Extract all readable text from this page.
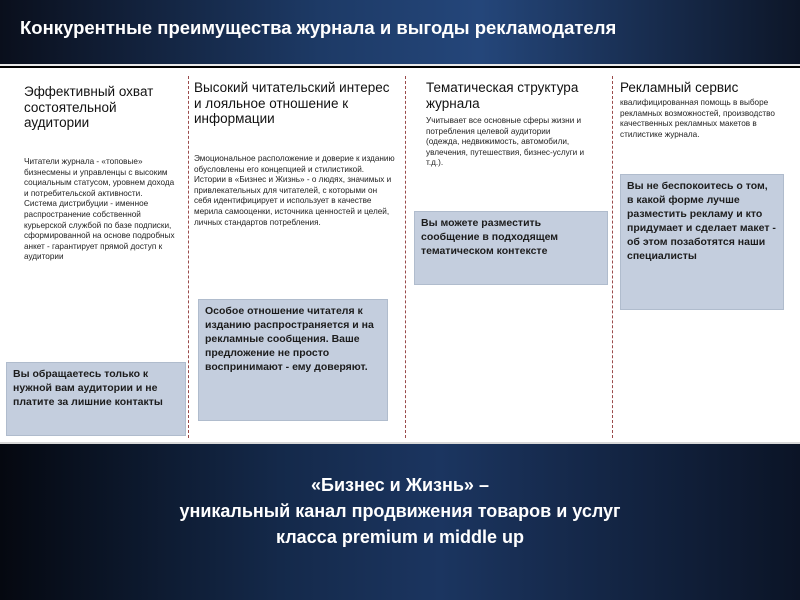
Конкурентные преимущества журнала и выгоды рекламодателя
Эффективный охват состоятельной аудитории

Читатели журнала - «топовые» бизнесмены и управленцы с высоким социальным статусом, уровнем дохода и потребительской активности.

Система дистрибуции - именное распространение собственной курьерской службой по базе подписки, сформированной на основе подробных анкет - гарантирует прямой доступ к аудитории

Вы обращаетесь только к нужной вам аудитории и не платите за лишние контакты
Высокий читательский интерес и лояльное отношение к информации

Эмоциональное расположение и доверие к изданию обусловлены его концепцией и стилистикой.

Истории в «Бизнес и Жизнь» - о людях, значимых и привлекательных для читателей, с которыми он себя идентифицирует и использует в качестве мерила самооценки, источника ценностей и целей, личных стандартов потребления.

Особое отношение читателя к изданию распространяется и на рекламные сообщения. Ваше предложение не просто воспринимают - ему доверяют.
Тематическая структура журнала

Учитывает все основные сферы жизни и потребления целевой аудитории (одежда, недвижимость, автомобили, увлечения, путешествия, бизнес-услуги и т.д.).

Вы можете разместить сообщение в подходящем тематическом контексте
Рекламный сервис

квалифицированная помощь в выборе рекламных возможностей, производство качественных рекламных макетов в стилистике журнала.

Вы не беспокоитесь о том, в какой форме лучше разместить рекламу и кто придумает и сделает макет - об этом позаботятся наши специалисты
«Бизнес и Жизнь» –
уникальный канал продвижения товаров и услуг
класса premium и middle up
